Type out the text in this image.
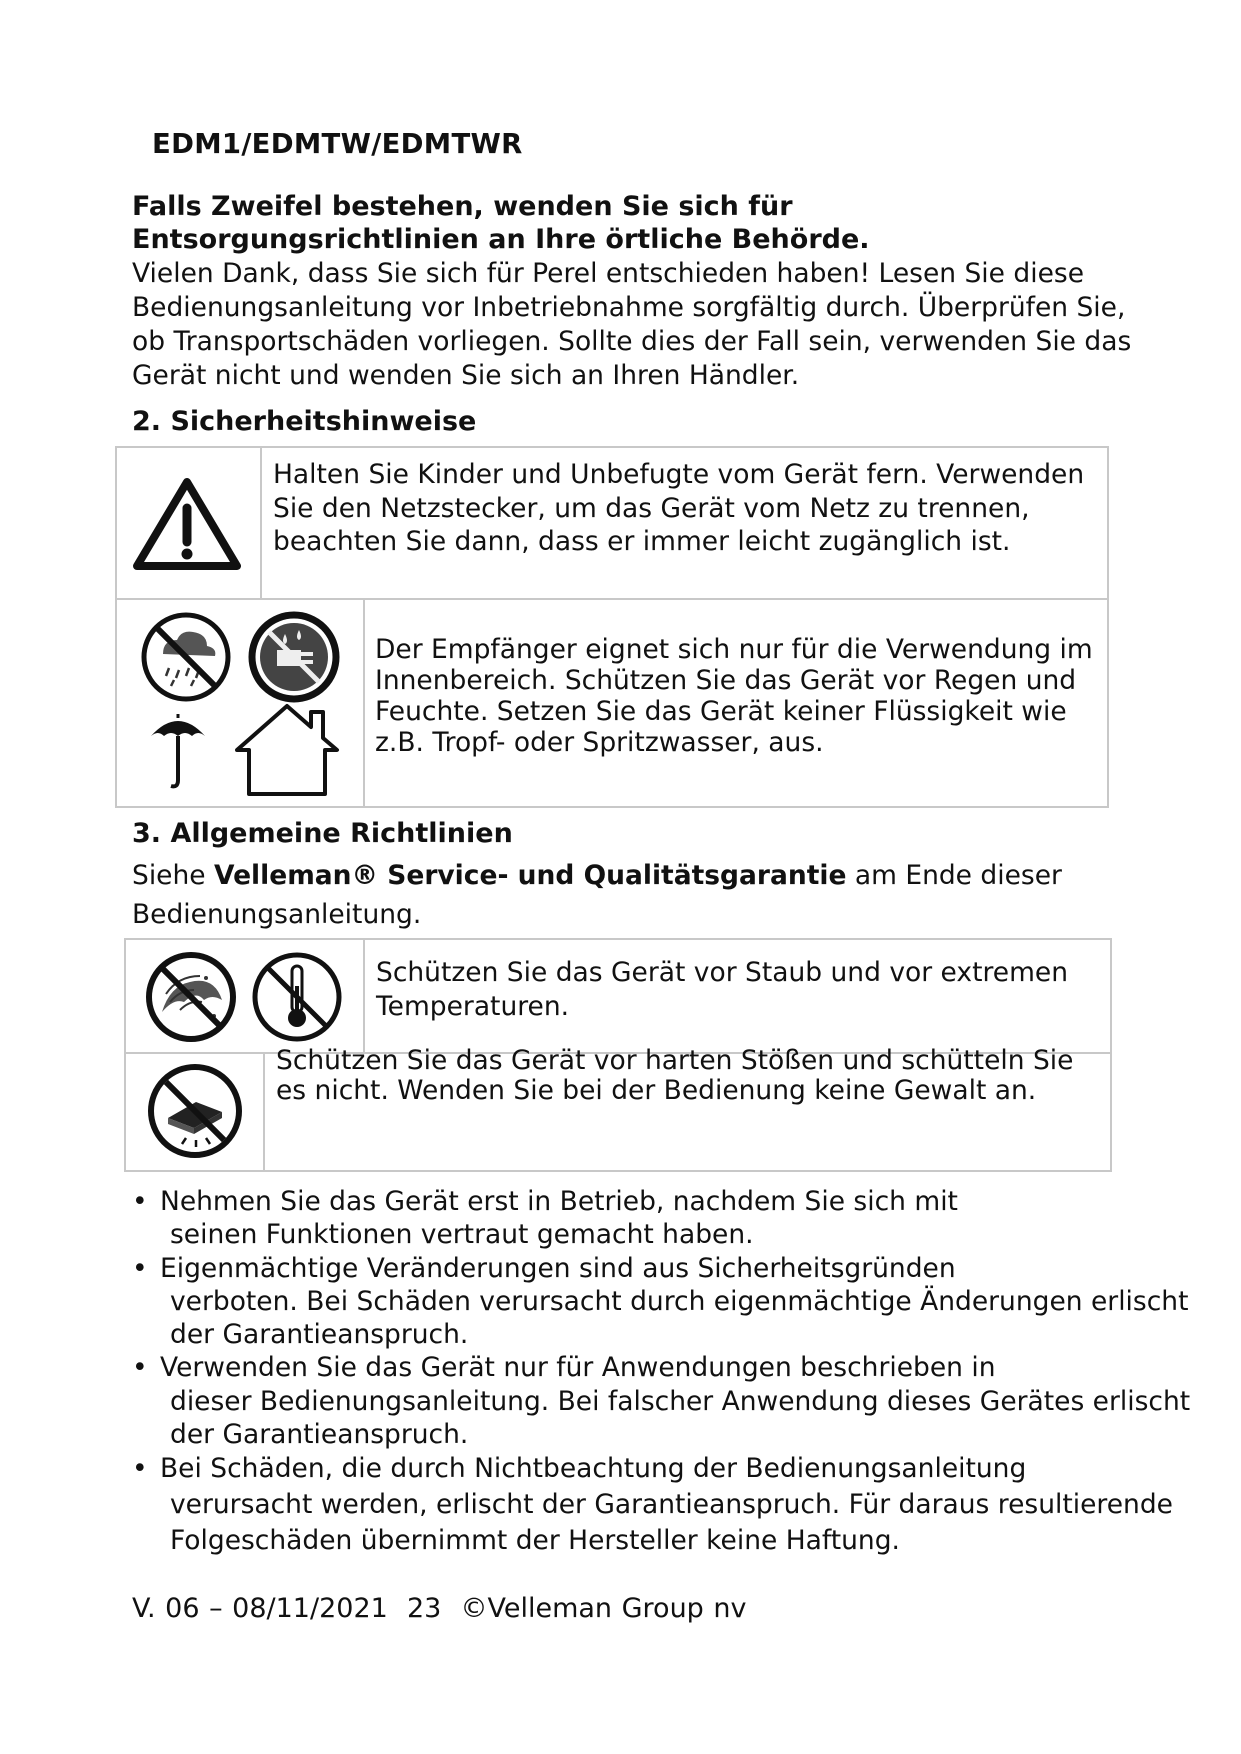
EDM1/EDMTW/EDMTWR
Falls Zweifel bestehen, wenden Sie sich für Entsorgungsrichtlinien an Ihre örtliche Behörde.
Vielen Dank, dass Sie sich für Perel entschieden haben! Lesen Sie diese Bedienungsanleitung vor Inbetriebnahme sorgfältig durch. Überprüfen Sie, ob Transportschäden vorliegen. Sollte dies der Fall sein, verwenden Sie das Gerät nicht und wenden Sie sich an Ihren Händler.
2. Sicherheitshinweise
Halten Sie Kinder und Unbefugte vom Gerät fern. Verwenden Sie den Netzstecker, um das Gerät vom Netz zu trennen, beachten Sie dann, dass er immer leicht zugänglich ist.
Der Empfänger eignet sich nur für die Verwendung im Innenbereich. Schützen Sie das Gerät vor Regen und Feuchte. Setzen Sie das Gerät keiner Flüssigkeit wie z.B. Tropf- oder Spritzwasser, aus.
3. Allgemeine Richtlinien
Siehe Velleman® Service- und Qualitätsgarantie am Ende dieser Bedienungsanleitung.
Schützen Sie das Gerät vor Staub und vor extremen Temperaturen.
Schützen Sie das Gerät vor harten Stößen und schütteln Sie es nicht. Wenden Sie bei der Bedienung keine Gewalt an.
• Nehmen Sie das Gerät erst in Betrieb, nachdem Sie sich mit
seinen Funktionen vertraut gemacht haben.
• Eigenmächtige Veränderungen sind aus Sicherheitsgründen
verboten. Bei Schäden verursacht durch eigenmächtige Änderungen erlischt der Garantieanspruch.
• Verwenden Sie das Gerät nur für Anwendungen beschrieben in
dieser Bedienungsanleitung. Bei falscher Anwendung dieses Gerätes erlischt der Garantieanspruch.
• Bei Schäden, die durch Nichtbeachtung der Bedienungsanleitung
verursacht werden, erlischt der Garantieanspruch. Für daraus resultierende Folgeschäden übernimmt der Hersteller keine Haftung.
V. 06 – 08/11/2021  23  ©Velleman Group nv
